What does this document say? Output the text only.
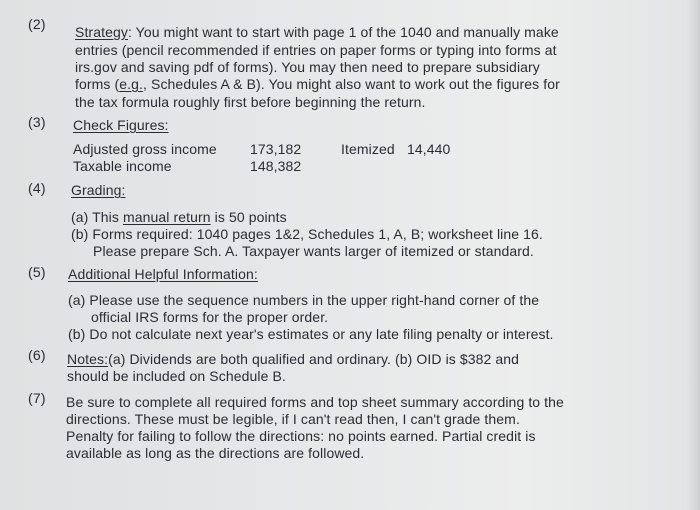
(2) Strategy: You might want to start with page 1 of the 1040 and manually make
entries (pencil recommended if entries on paper forms or typing into forms at
irs.gov and saving pdf of forms). You may then need to prepare subsidiary
forms (e.g., Schedules A & B). You might also want to work out the figures for
the tax formula roughly first before beginning the return.
(3) Check Figures:
Adjusted gross income 173,182	Itemized 14,440
Taxable income	148,382
(4) Grading:
(a) This manual return is 50 points
(b) Forms required: 1040 pages 1&2, Schedules 1, A, B; worksheet line 16.
Please prepare Sch. A. Taxpayer wants larger of itemized or standard.
(5) Additional Helpful Information:
(a) Please use the sequence numbers in the upper right-hand corner of the
official IRS forms for the proper order.
(b) Do not calculate next year's estimates or any late filing penalty or interest.
(6) Notes:(a) Dividends are both qualified and ordinary. (b) OID is $382 and
should be included on Schedule B.
(7) Be sure to complete all required forms and top sheet summary according to the
directions. These must be legible, if I can't read then, I can't grade them.
Penalty for failing to follow the directions: no points earned. Partial credit is
available as long as the directions are followed.
